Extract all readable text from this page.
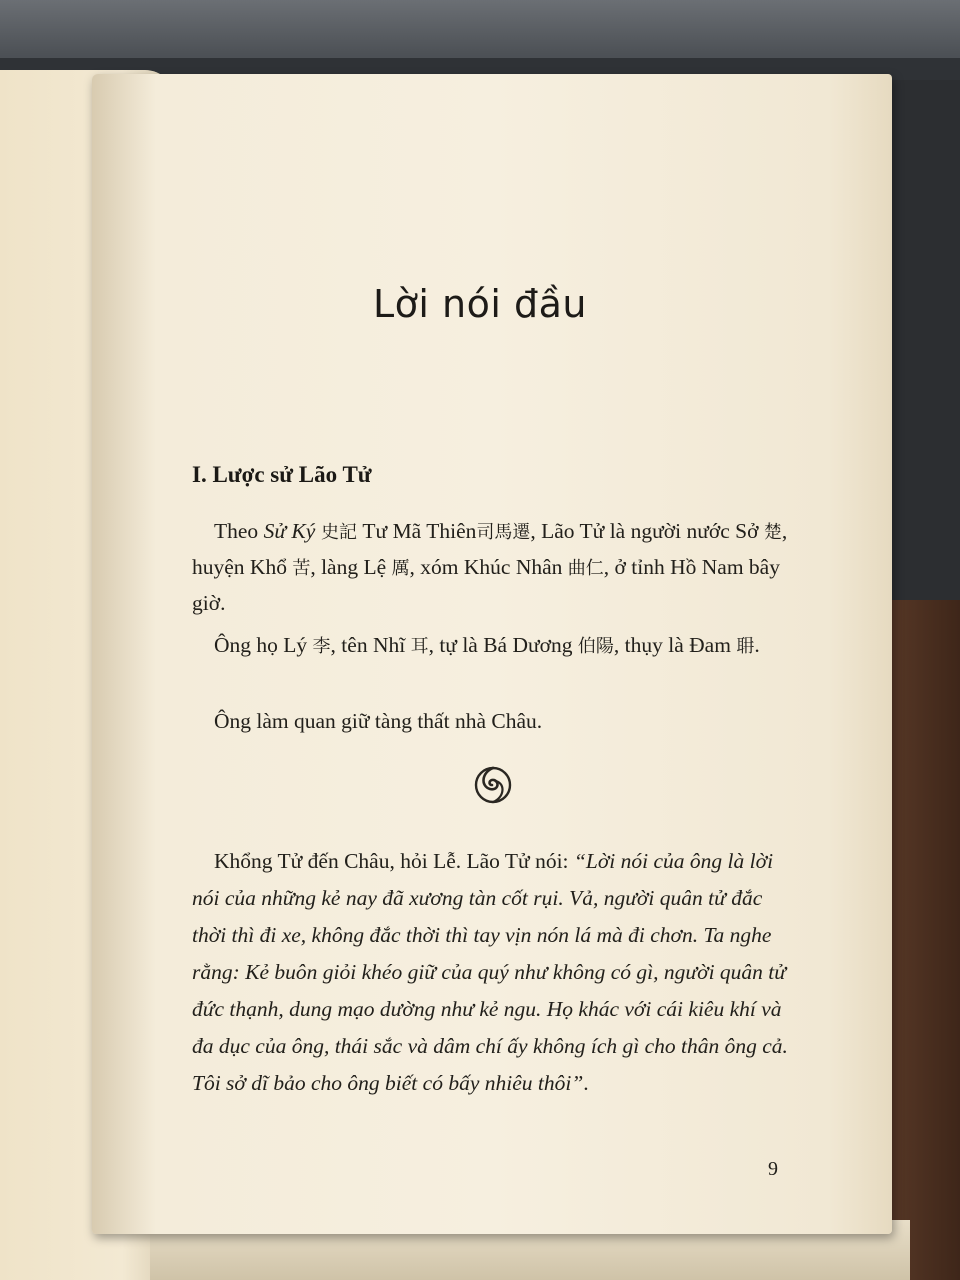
Lời nói đầu
I. Lược sử Lão Tử
Theo Sử Ký 史記 Tư Mã Thiên司馬遷, Lão Tử là người nước Sở 楚, huyện Khổ 苦, làng Lệ 厲, xóm Khúc Nhân 曲仁, ở tỉnh Hồ Nam bây giờ.
Ông họ Lý 李, tên Nhĩ 耳, tự là Bá Dương 伯陽, thụy là Đam 耼.
Ông làm quan giữ tàng thất nhà Châu.
Khổng Tử đến Châu, hỏi Lễ. Lão Tử nói: “Lời nói của ông là lời nói của những kẻ nay đã xương tàn cốt rụi. Vả, người quân tử đắc thời thì đi xe, không đắc thời thì tay vịn nón lá mà đi chơn. Ta nghe rằng: Kẻ buôn giỏi khéo giữ của quý như không có gì, người quân tử đức thạnh, dung mạo dường như kẻ ngu. Họ khác với cái kiêu khí và đa dục của ông, thái sắc và dâm chí ấy không ích gì cho thân ông cả. Tôi sở dĩ bảo cho ông biết có bấy nhiêu thôi”.
9
